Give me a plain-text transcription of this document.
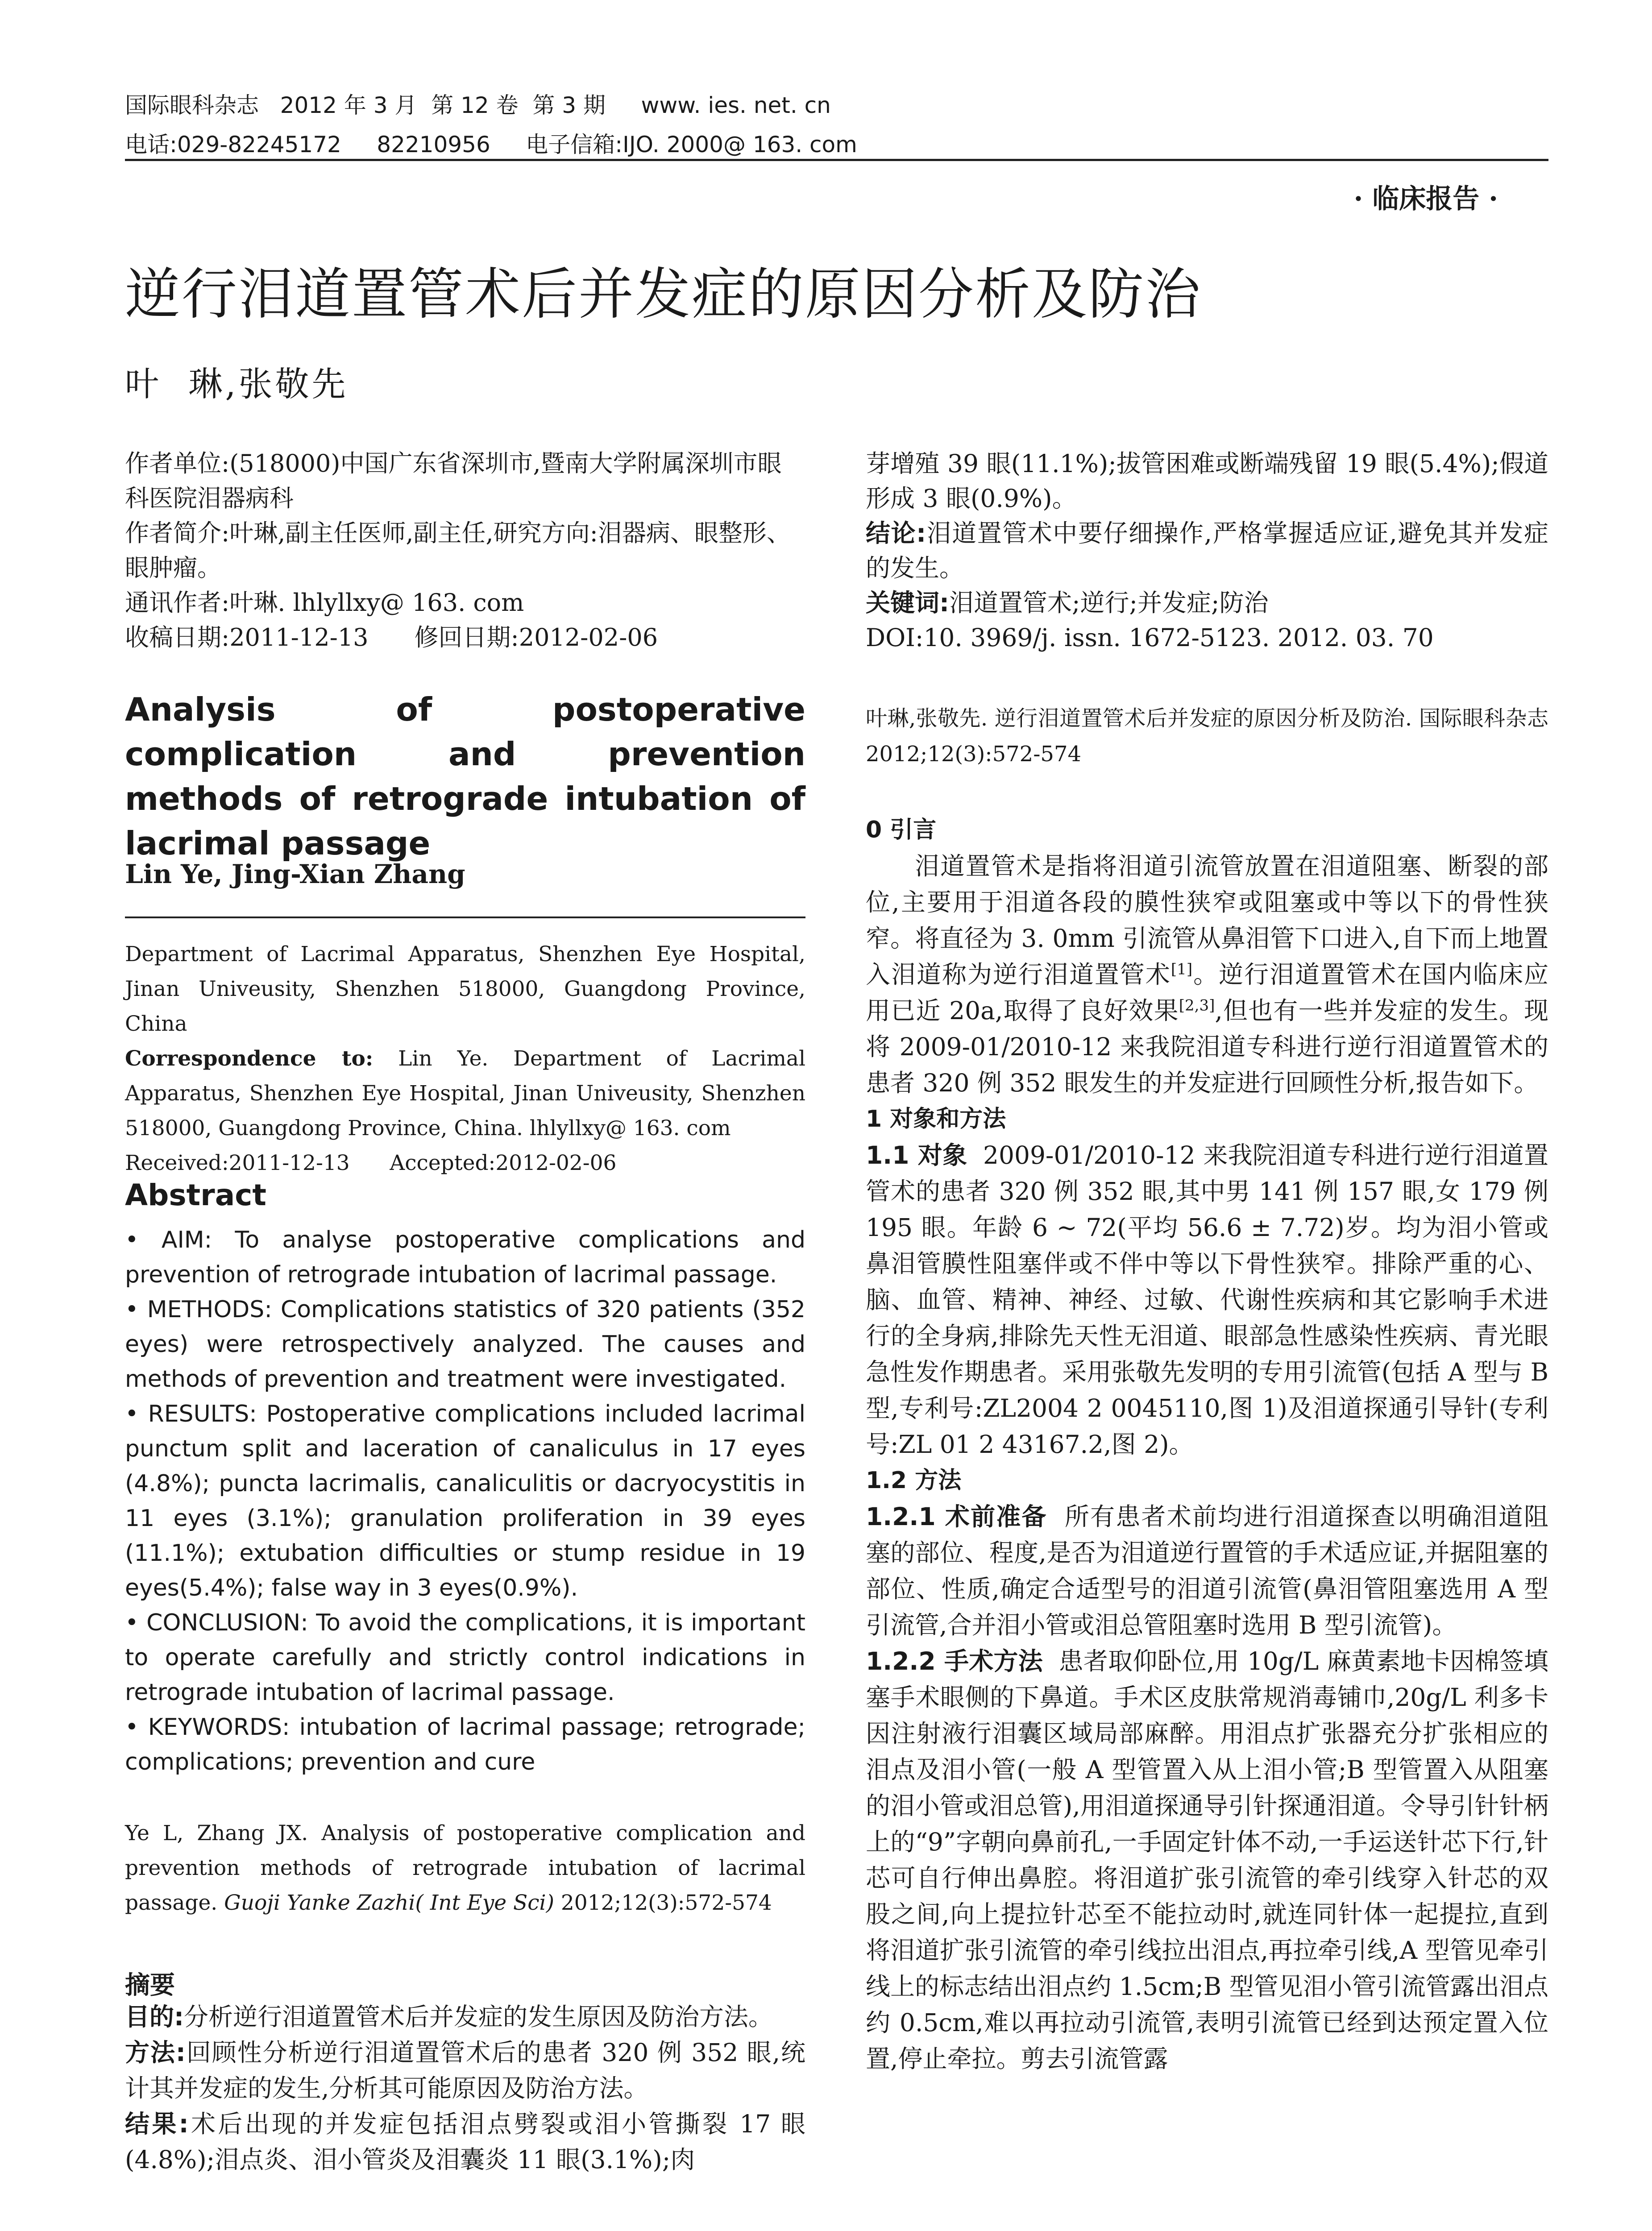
国际眼科杂志   2012 年 3 月  第 12 卷  第 3 期     www. ies. net. cn
电话:029-82245172     82210956     电子信箱:IJO. 2000@ 163. com
· 临床报告 ·
逆行泪道置管术后并发症的原因分析及防治
叶  琳,张敬先

作者单位:(518000)中国广东省深圳市,暨南大学附属深圳市眼科医院泪器病科

作者简介:叶琳,副主任医师,副主任,研究方向:泪器病、眼整形、眼肿瘤。

通讯作者:叶琳. lhlyllxy@ 163. com

收稿日期:2011-12-13      修回日期:2012-02-06

Analysis of postoperative complication and prevention methods of retrograde intubation of lacrimal passage
Lin Ye, Jing-Xian Zhang

Department of Lacrimal Apparatus, Shenzhen Eye Hospital, Jinan Univeusity, Shenzhen 518000, Guangdong Province, China

Correspondence to: Lin Ye. Department of Lacrimal Apparatus, Shenzhen Eye Hospital, Jinan Univeusity, Shenzhen 518000, Guangdong Province, China. lhlyllxy@ 163. com

Received:2011-12-13      Accepted:2012-02-06

Abstract

• AIM: To analyse postoperative complications and prevention of retrograde intubation of lacrimal passage.

• METHODS: Complications statistics of 320 patients (352 eyes) were retrospectively analyzed. The causes and methods of prevention and treatment were investigated.

• RESULTS: Postoperative complications included lacrimal punctum split and laceration of canaliculus in 17 eyes (4.8%); puncta lacrimalis, canaliculitis or dacryocystitis in 11 eyes (3.1%); granulation proliferation in 39 eyes (11.1%); extubation difficulties or stump residue in 19 eyes(5.4%); false way in 3 eyes(0.9%).

• CONCLUSION: To avoid the complications, it is important to operate carefully and strictly control indications in retrograde intubation of lacrimal passage.

• KEYWORDS: intubation of lacrimal passage; retrograde; complications; prevention and cure

Ye L, Zhang JX. Analysis of postoperative complication and prevention methods of retrograde intubation of lacrimal passage. Guoji Yanke Zazhi( Int Eye Sci) 2012;12(3):572-574
摘要

目的:分析逆行泪道置管术后并发症的发生原因及防治方法。

方法:回顾性分析逆行泪道置管术后的患者 320 例 352 眼,统计其并发症的发生,分析其可能原因及防治方法。

结果:术后出现的并发症包括泪点劈裂或泪小管撕裂 17 眼(4.8%);泪点炎、泪小管炎及泪囊炎 11 眼(3.1%);肉

芽增殖 39 眼(11.1%);拔管困难或断端残留 19 眼(5.4%);假道形成 3 眼(0.9%)。

结论:泪道置管术中要仔细操作,严格掌握适应证,避免其并发症的发生。

关键词:泪道置管术;逆行;并发症;防治

DOI:10. 3969/j. issn. 1672-5123. 2012. 03. 70

叶琳,张敬先. 逆行泪道置管术后并发症的原因分析及防治. 国际眼科杂志 2012;12(3):572-574

0 引言

泪道置管术是指将泪道引流管放置在泪道阻塞、断裂的部位,主要用于泪道各段的膜性狭窄或阻塞或中等以下的骨性狭窄。将直径为 3. 0mm 引流管从鼻泪管下口进入,自下而上地置入泪道称为逆行泪道置管术[1]。逆行泪道置管术在国内临床应用已近 20a,取得了良好效果[2,3],但也有一些并发症的发生。现将 2009-01/2010-12 来我院泪道专科进行逆行泪道置管术的患者 320 例 352 眼发生的并发症进行回顾性分析,报告如下。

1 对象和方法

1.1 对象  2009-01/2010-12 来我院泪道专科进行逆行泪道置管术的患者 320 例 352 眼,其中男 141 例 157 眼,女 179 例 195 眼。年龄 6 ~ 72(平均 56.6 ± 7.72)岁。均为泪小管或鼻泪管膜性阻塞伴或不伴中等以下骨性狭窄。排除严重的心、脑、血管、精神、神经、过敏、代谢性疾病和其它影响手术进行的全身病,排除先天性无泪道、眼部急性感染性疾病、青光眼急性发作期患者。采用张敬先发明的专用引流管(包括 A 型与 B 型,专利号:ZL2004 2 0045110,图 1)及泪道探通引导针(专利号:ZL 01 2 43167.2,图 2)。

1.2 方法

1.2.1 术前准备  所有患者术前均进行泪道探查以明确泪道阻塞的部位、程度,是否为泪道逆行置管的手术适应证,并据阻塞的部位、性质,确定合适型号的泪道引流管(鼻泪管阻塞选用 A 型引流管,合并泪小管或泪总管阻塞时选用 B 型引流管)。

1.2.2 手术方法  患者取仰卧位,用 10g/L 麻黄素地卡因棉签填塞手术眼侧的下鼻道。手术区皮肤常规消毒铺巾,20g/L 利多卡因注射液行泪囊区域局部麻醉。用泪点扩张器充分扩张相应的泪点及泪小管(一般 A 型管置入从上泪小管;B 型管置入从阻塞的泪小管或泪总管),用泪道探通导引针探通泪道。令导引针针柄上的“9”字朝向鼻前孔,一手固定针体不动,一手运送针芯下行,针芯可自行伸出鼻腔。将泪道扩张引流管的牵引线穿入针芯的双股之间,向上提拉针芯至不能拉动时,就连同针体一起提拉,直到将泪道扩张引流管的牵引线拉出泪点,再拉牵引线,A 型管见牵引线上的标志结出泪点约 1.5cm;B 型管见泪小管引流管露出泪点约 0.5cm,难以再拉动引流管,表明引流管已经到达预定置入位置,停止牵拉。剪去引流管露
